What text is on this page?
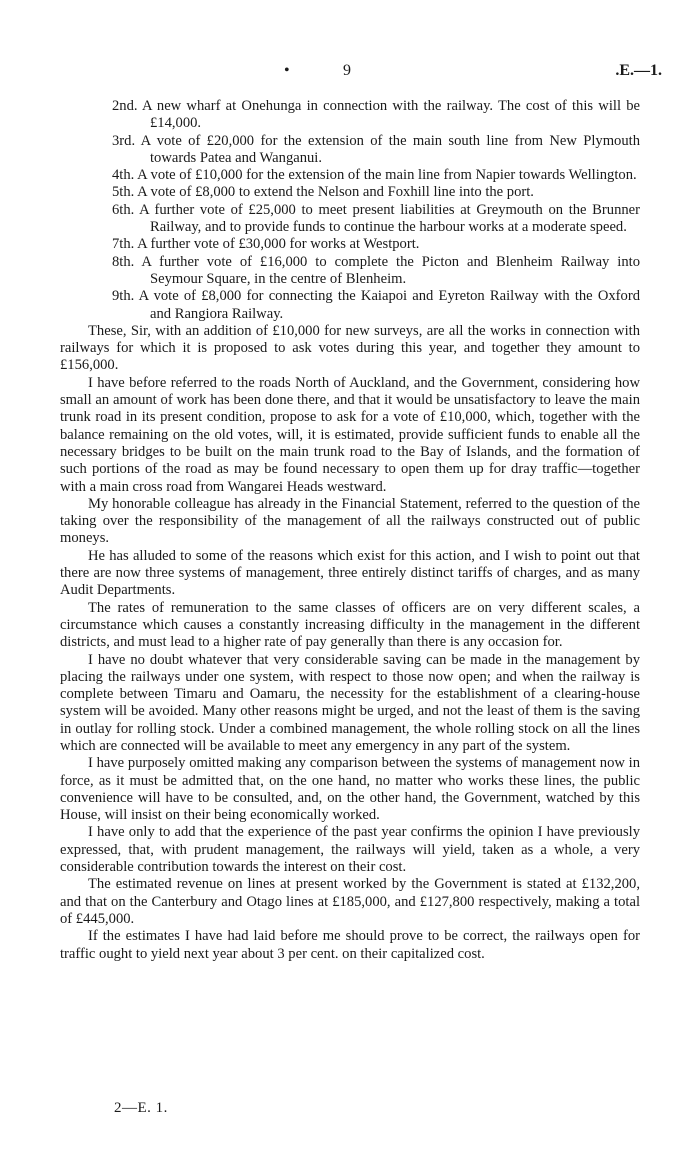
•	9	.E.—1.

2nd. A new wharf at Onehunga in connection with the railway. The cost of this will be £14,000.

3rd. A vote of £20,000 for the extension of the main south line from New Plymouth towards Patea and Wanganui.

4th. A vote of £10,000 for the extension of the main line from Napier towards Wellington.

5th. A vote of £8,000 to extend the Nelson and Foxhill line into the port.

6th. A further vote of £25,000 to meet present liabilities at Greymouth on the Brunner Railway, and to provide funds to continue the harbour works at a moderate speed.

7th. A further vote of £30,000 for works at Westport.

8th. A further vote of £16,000 to complete the Picton and Blenheim Railway into Seymour Square, in the centre of Blenheim.

9th. A vote of £8,000 for connecting the Kaiapoi and Eyreton Railway with the Oxford and Rangiora Railway.

These, Sir, with an addition of £10,000 for new surveys, are all the works in connection with railways for which it is proposed to ask votes during this year, and together they amount to £156,000.

I have before referred to the roads North of Auckland, and the Government, considering how small an amount of work has been done there, and that it would be unsatisfactory to leave the main trunk road in its present condition, propose to ask for a vote of £10,000, which, together with the balance remaining on the old votes, will, it is estimated, provide sufficient funds to enable all the necessary bridges to be built on the main trunk road to the Bay of Islands, and the formation of such portions of the road as may be found necessary to open them up for dray traffic—together with a main cross road from Wangarei Heads westward.

My honorable colleague has already in the Financial Statement, referred to the question of the taking over the responsibility of the management of all the railways constructed out of public moneys.

He has alluded to some of the reasons which exist for this action, and I wish to point out that there are now three systems of management, three entirely distinct tariffs of charges, and as many Audit Departments.

The rates of remuneration to the same classes of officers are on very different scales, a circumstance which causes a constantly increasing difficulty in the management in the different districts, and must lead to a higher rate of pay generally than there is any occasion for.

I have no doubt whatever that very considerable saving can be made in the management by placing the railways under one system, with respect to those now open; and when the railway is complete between Timaru and Oamaru, the necessity for the establishment of a clearing-house system will be avoided. Many other reasons might be urged, and not the least of them is the saving in outlay for rolling stock. Under a combined management, the whole rolling stock on all the lines which are connected will be available to meet any emergency in any part of the system.

I have purposely omitted making any comparison between the systems of management now in force, as it must be admitted that, on the one hand, no matter who works these lines, the public convenience will have to be consulted, and, on the other hand, the Government, watched by this House, will insist on their being economically worked.

I have only to add that the experience of the past year confirms the opinion I have previously expressed, that, with prudent management, the railways will yield, taken as a whole, a very considerable contribution towards the interest on their cost.

The estimated revenue on lines at present worked by the Government is stated at £132,200, and that on the Canterbury and Otago lines at £185,000, and £127,800 respectively, making a total of £445,000.

If the estimates I have had laid before me should prove to be correct, the railways open for traffic ought to yield next year about 3 per cent. on their capitalized cost.

2—E. 1.
